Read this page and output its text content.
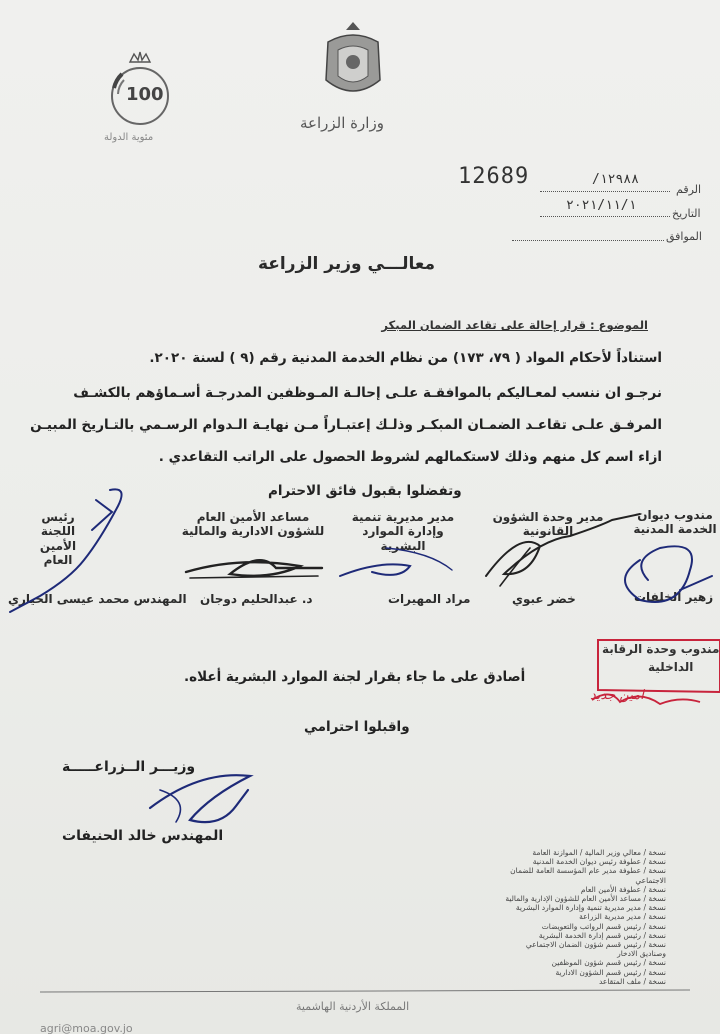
100
مئوية الدولة
وزارة الزراعة
12689
الرقم
/١٢٩٨٨
التاريخ
٢٠٢١/١١/١
الموافق
معالـــي وزير الزراعة
الموضوع : قرار إحالة على تقاعد الضمان المبكر
استناداً لأحكام المواد ( ٧٩، ١٧٣) من نظام الخدمة المدنية رقم (٩ ) لسنة ٢٠٢٠.
نرجـو ان ننسب لمعـاليكم بالموافقـة علـى إحالـة المـوظفين المدرجـة أسـماؤهم بالكشـف
المرفـق علـى تقاعـد الضمـان المبكـر وذلـك إعتبـاراً مـن نهايـة الـدوام الرسـمي بالتـاريخ المبيـن
ازاء اسم كل منهم وذلك لاستكمالهم لشروط الحصول على الراتب التقاعدي .
وتفضلوا بقبول فائق الاحترام
مندوب ديوان الخدمة المدنية
مدير وحدة الشؤون القانونية
مدير مديرية تنمية وإدارة الموارد البشرية
مساعد الأمين العام للشؤون الادارية والمالية
رئيس اللجنة الأمين العام
زهير الخلفات
خضر عبوي
مراد المهيرات
د. عبدالحليم دوجان
المهندس محمد عيسى الحياري
مندوب وحدة الرقابة
الداخلية
امين جديد
أصادق على ما جاء بقرار لجنة الموارد البشرية أعلاه.
واقبلوا احترامي
وزيـــر الــزراعـــــة
المهندس خالد الحنيفات
نسخة / معالي وزير المالية / الموازنة العامة
نسخة / عطوفة رئيس ديوان الخدمة المدنية
نسخة / عطوفة مدير عام المؤسسة العامة للضمان الاجتماعي
نسخة / عطوفة الأمين العام
نسخة / مساعد الأمين العام للشؤون الإدارية والمالية
نسخة / مدير مديرية تنمية وإدارة الموارد البشرية
نسخة / مدير مديرية الزراعة
نسخة / رئيس قسم الرواتب والتعويضات
نسخة / رئيس قسم إدارة الخدمة البشرية
نسخة / رئيس قسم شؤون الضمان الاجتماعي وصناديق الادخار
نسخة / رئيس قسم شؤون الموظفين
نسخة / رئيس قسم الشؤون الادارية
نسخة / ملف المتقاعد
المملكة الأردنية الهاشمية
agri@moa.gov.jo
